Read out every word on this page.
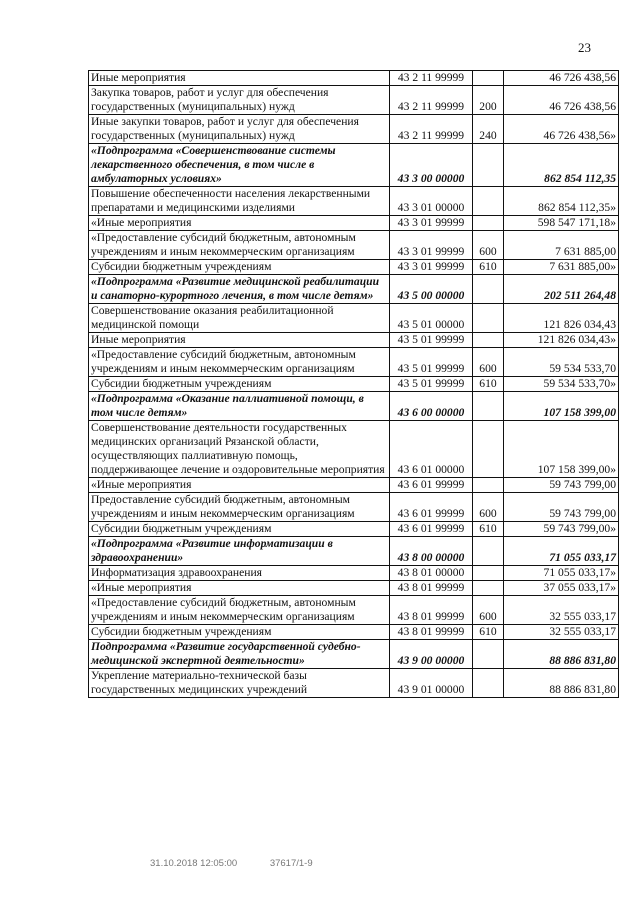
23
Иные мероприятия	43 2 11 99999		46 726 438,56
Закупка товаров, работ и услуг для обеспечения государственных (муниципальных) нужд	43 2 11 99999	200	46 726 438,56
Иные закупки товаров, работ и услуг для обеспечения государственных (муниципальных) нужд	43 2 11 99999	240	46 726 438,56»
«Подпрограмма «Совершенствование системы лекарственного обеспечения, в том числе в амбулаторных условиях»	43 3 00 00000		862 854 112,35
Повышение обеспеченности населения лекарственными препаратами и медицинскими изделиями	43 3 01 00000		862 854 112,35»
«Иные мероприятия	43 3 01 99999		598 547 171,18»
«Предоставление субсидий бюджетным, автономным учреждениям и иным некоммерческим организациям	43 3 01 99999	600	7 631 885,00
Субсидии бюджетным учреждениям	43 3 01 99999	610	7 631 885,00»
«Подпрограмма «Развитие медицинской реабилитации и санаторно-курортного лечения, в том числе детям»	43 5 00 00000		202 511 264,48
Совершенствование оказания реабилитационной медицинской помощи	43 5 01 00000		121 826 034,43
Иные мероприятия	43 5 01 99999		121 826 034,43»
«Предоставление субсидий бюджетным, автономным учреждениям и иным некоммерческим организациям	43 5 01 99999	600	59 534 533,70
Субсидии бюджетным учреждениям	43 5 01 99999	610	59 534 533,70»
«Подпрограмма «Оказание паллиативной помощи, в том числе детям»	43 6 00 00000		107 158 399,00
Совершенствование деятельности государственных медицинских организаций Рязанской области, осуществляющих паллиативную помощь, поддерживающее лечение и оздоровительные мероприятия	43 6 01 00000		107 158 399,00»
«Иные мероприятия	43 6 01 99999		59 743 799,00
Предоставление субсидий бюджетным, автономным учреждениям и иным некоммерческим организациям	43 6 01 99999	600	59 743 799,00
Субсидии бюджетным учреждениям	43 6 01 99999	610	59 743 799,00»
«Подпрограмма «Развитие информатизации в здравоохранении»	43 8 00 00000		71 055 033,17
Информатизация здравоохранения	43 8 01 00000		71 055 033,17»
«Иные мероприятия	43 8 01 99999		37 055 033,17»
«Предоставление субсидий бюджетным, автономным учреждениям и иным некоммерческим организациям	43 8 01 99999	600	32 555 033,17
Субсидии бюджетным учреждениям	43 8 01 99999	610	32 555 033,17
Подпрограмма «Развитие государственной судебно-медицинской экспертной деятельности»	43 9 00 00000		88 886 831,80
Укрепление материально-технической базы государственных медицинских учреждений	43 9 01 00000		88 886 831,80
31.10.2018 12:05:00	37617/1-9
